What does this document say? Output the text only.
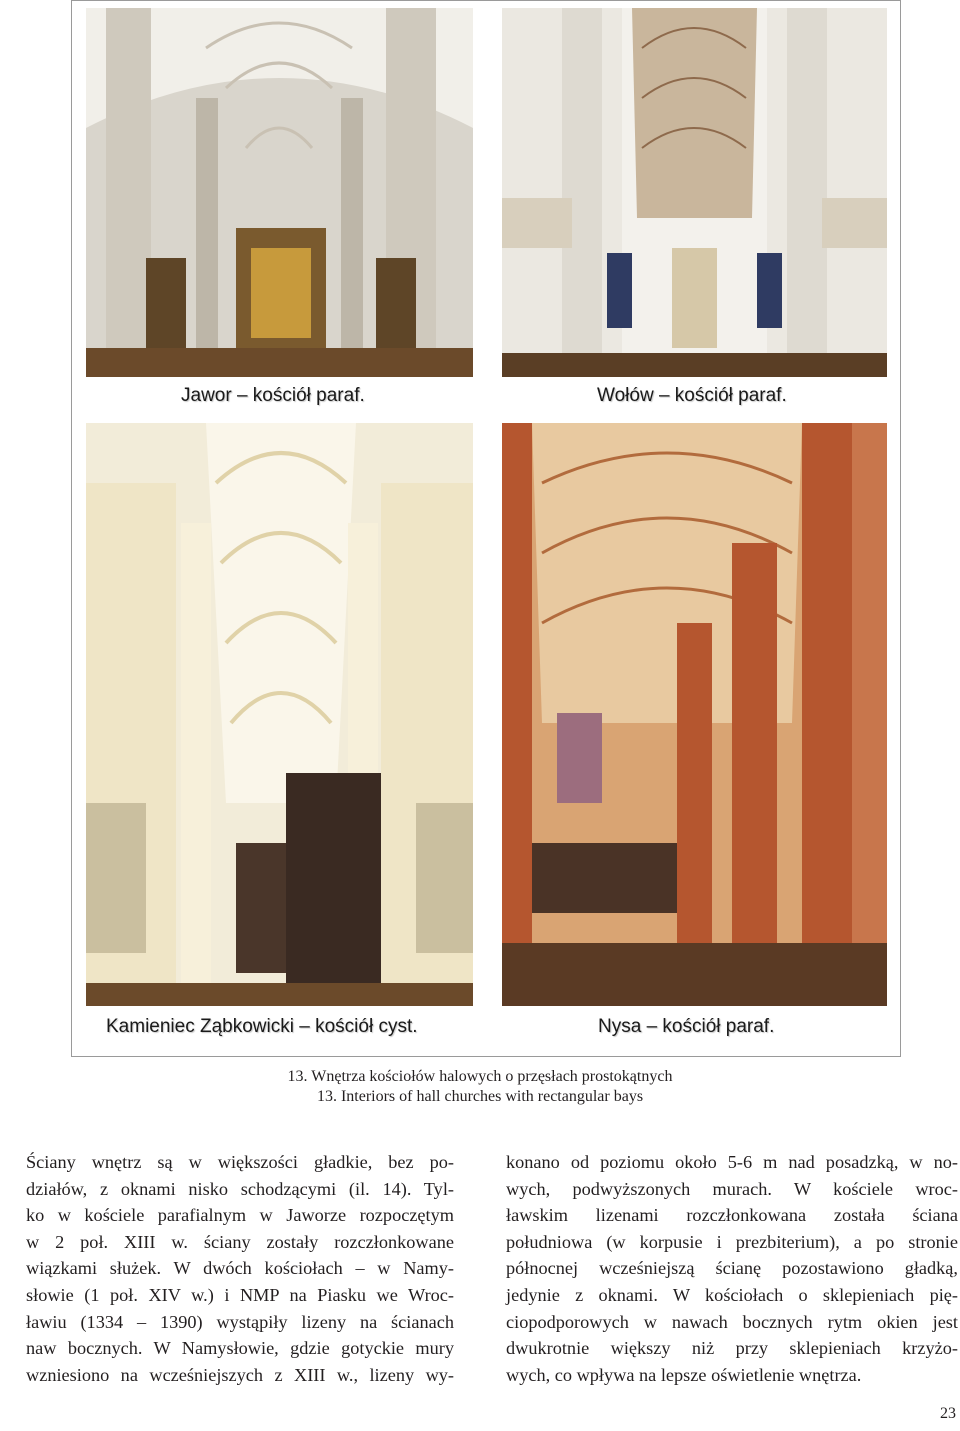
Jawor – kościół paraf.	Wołów – kościół paraf.
Kamieniec Ząbkowicki – kościół cyst.	Nysa – kościół paraf.
13. Wnętrza kościołów halowych o przęsłach prostokątnych
13. Interiors of hall churches with rectangular bays
Ściany wnętrz są w większości gładkie, bez po-
działów, z oknami nisko schodzącymi (il. 14). Tyl-
ko w kościele parafialnym w Jaworze rozpoczętym
w 2 poł. XIII w. ściany zostały rozczłonkowane
wiązkami służek. W dwóch kościołach – w Namy-
słowie (1 poł. XIV w.) i NMP na Piasku we Wroc-
ławiu (1334 – 1390) wystąpiły lizeny na ścianach
naw bocznych. W Namysłowie, gdzie gotyckie mury
wzniesiono na wcześniejszych z XIII w., lizeny wy-
konano od poziomu około 5-6 m nad posadzką, w no-
wych, podwyższonych murach. W kościele wroc-
ławskim lizenami rozczłonkowana została ściana
południowa (w korpusie i prezbiterium), a po stronie
północnej wcześniejszą ścianę pozostawiono gładką,
jedynie z oknami. W kościołach o sklepieniach pię-
ciopodporowych w nawach bocznych rytm okien jest
dwukrotnie większy niż przy sklepieniach krzyżo-
wych, co wpływa na lepsze oświetlenie wnętrza.
23
